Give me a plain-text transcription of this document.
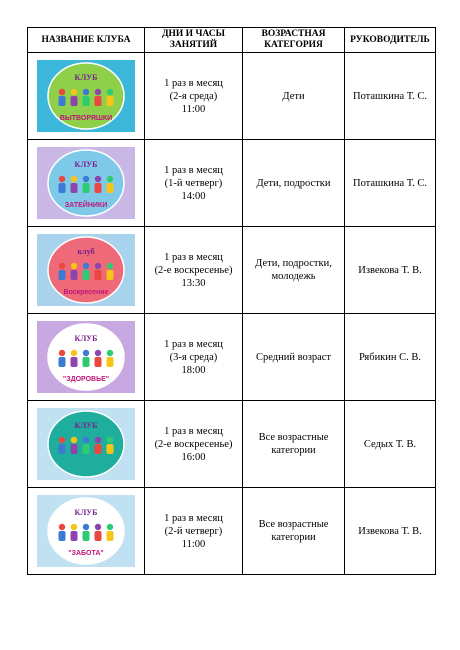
НАЗВАНИЕ КЛУБА	ДНИ И ЧАСЫ ЗАНЯТИЙ	ВОЗРАСТНАЯ КАТЕГОРИЯ	РУКОВОДИТЕЛЬ

КЛУБ
ВЫТВОРЯШКИ	1 раз в месяц
(2-я среда)
11:00	Дети	Поташкина Т. С.

КЛУБ
ЗАТЕЙНИКИ	1 раз в месяц
(1-й четверг)
14:00	Дети, подростки	Поташкина Т. С.

клуб
Воскресение	1 раз в месяц
(2-е воскресенье)
13:30	Дети, подростки,
молодежь	Извекова Т. В.

КЛУБ
"ЗДОРОВЬЕ"	1 раз в месяц
(3-я среда)
18:00	Средний возраст	Рябикин С. В.

КЛУБ	1 раз в месяц
(2-е воскресенье)
16:00	Все возрастные
категории	Седых Т. В.

КЛУБ
"ЗАБОТА"	1 раз в месяц
(2-й четверг)
11:00	Все возрастные
категории	Извекова Т. В.
